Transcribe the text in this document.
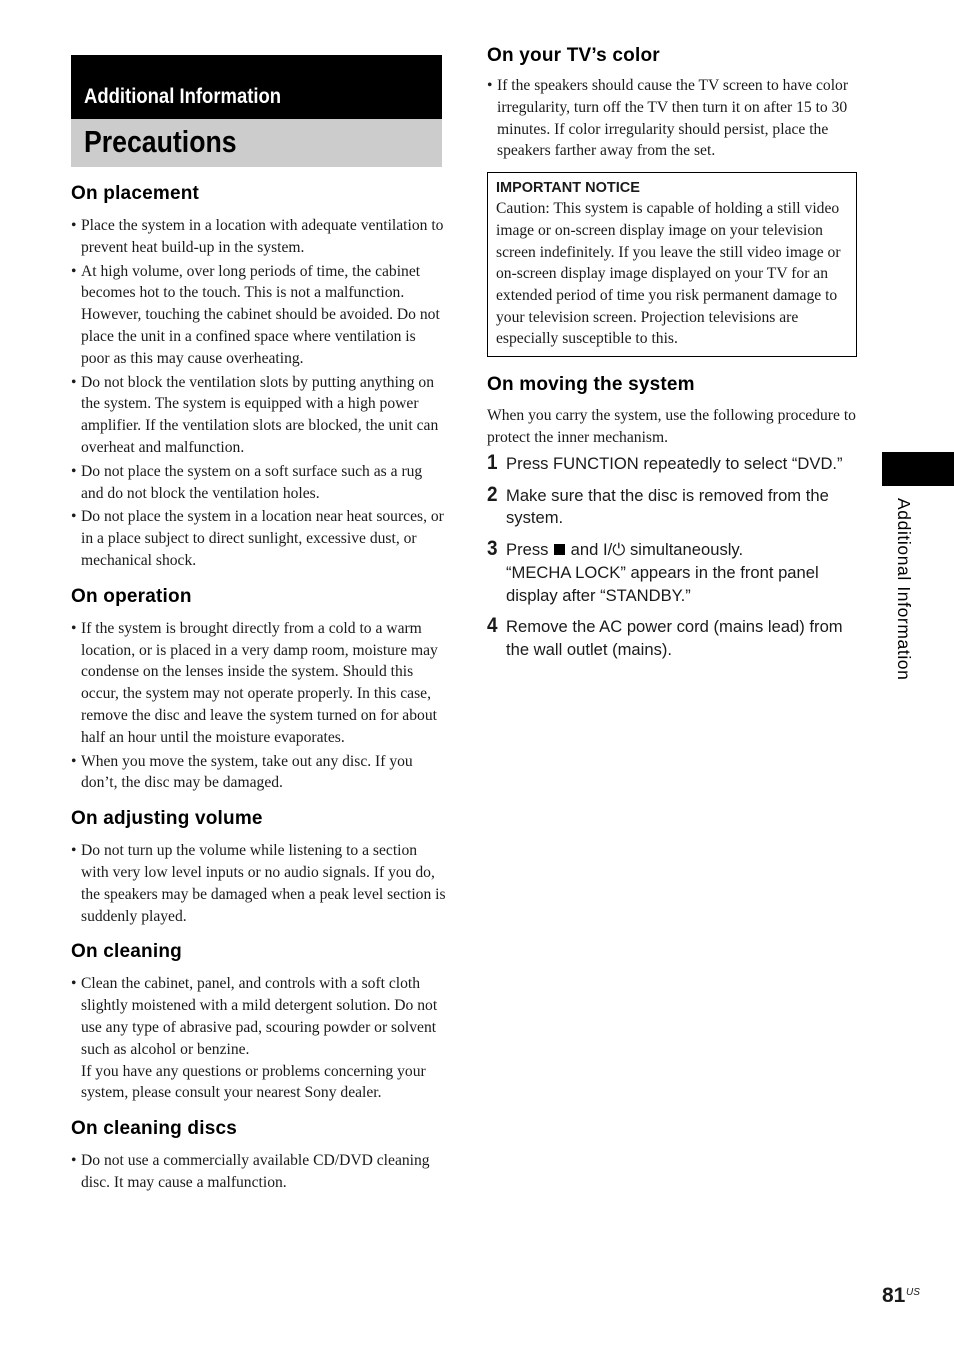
Additional Information
Precautions
On placement
• Place the system in a location with adequate ventilation to prevent heat build-up in the system.
• At high volume, over long periods of time, the cabinet becomes hot to the touch. This is not a malfunction. However, touching the cabinet should be avoided. Do not place the unit in a confined space where ventilation is poor as this may cause overheating.
• Do not block the ventilation slots by putting anything on the system. The system is equipped with a high power amplifier. If the ventilation slots are blocked, the unit can overheat and malfunction.
• Do not place the system on a soft surface such as a rug and do not block the ventilation holes.
• Do not place the system in a location near heat sources, or in a place subject to direct sunlight, excessive dust, or mechanical shock.
On operation
• If the system is brought directly from a cold to a warm location, or is placed in a very damp room, moisture may condense on the lenses inside the system. Should this occur, the system may not operate properly. In this case, remove the disc and leave the system turned on for about half an hour until the moisture evaporates.
• When you move the system, take out any disc. If you don’t, the disc may be damaged.
On adjusting volume
• Do not turn up the volume while listening to a section with very low level inputs or no audio signals. If you do, the speakers may be damaged when a peak level section is suddenly played.
On cleaning
• Clean the cabinet, panel, and controls with a soft cloth slightly moistened with a mild detergent solution. Do not use any type of abrasive pad, scouring powder or solvent such as alcohol or benzine.
If you have any questions or problems concerning your system, please consult your nearest Sony dealer.
On cleaning discs
• Do not use a commercially available CD/DVD cleaning disc. It may cause a malfunction.
On your TV’s color
• If the speakers should cause the TV screen to have color irregularity, turn off the TV then turn it on after 15 to 30 minutes. If color irregularity should persist, place the speakers farther away from the set.
IMPORTANT NOTICE
Caution: This system is capable of holding a still video image or on-screen display image on your television screen indefinitely. If you leave the still video image or on-screen display image displayed on your TV for an extended period of time you risk permanent damage to your television screen. Projection televisions are especially susceptible to this.
On moving the system

When you carry the system, use the following procedure to protect the inner mechanism.

1 Press FUNCTION repeatedly to select “DVD.”
2 Make sure that the disc is removed from the system.
3 Press and I/⏻ simultaneously.
“MECHA LOCK” appears in the front panel display after “STANDBY.”
4 Remove the AC power cord (mains lead) from the wall outlet (mains).	Additional Information
81 US
